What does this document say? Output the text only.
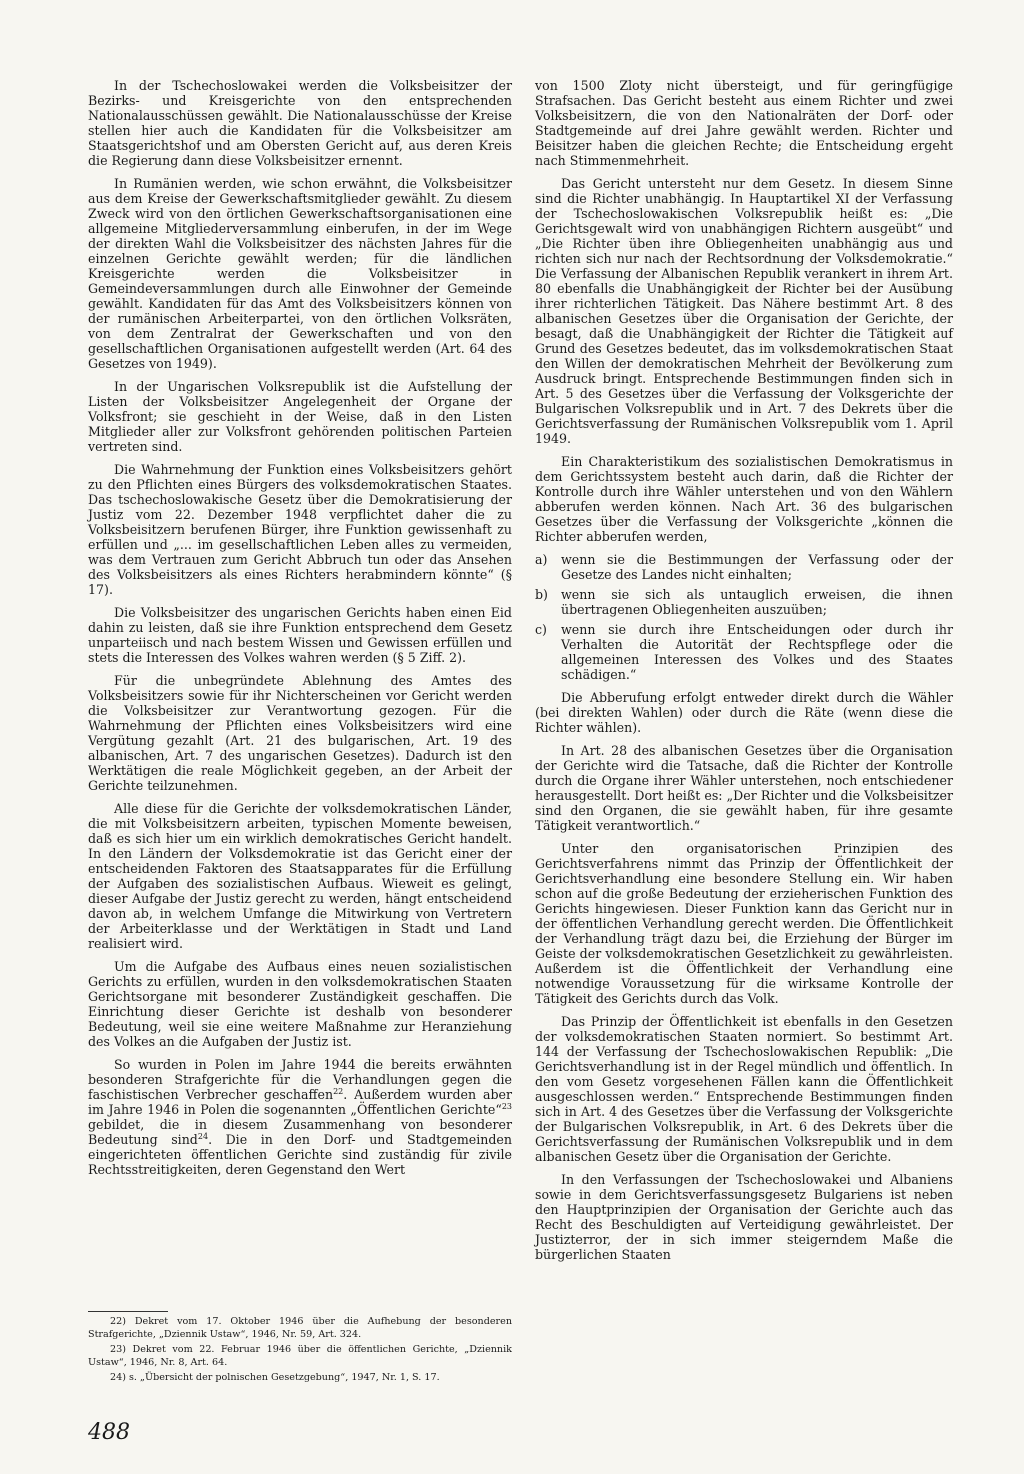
In der Tschechoslowakei werden die Volksbeisitzer der Bezirks- und Kreisgerichte von den entsprechenden Nationalausschüssen gewählt. Die Nationalausschüsse der Kreise stellen hier auch die Kandidaten für die Volksbeisitzer am Staatsgerichtshof und am Obersten Gericht auf, aus deren Kreis die Regierung dann diese Volksbeisitzer ernennt.

In Rumänien werden, wie schon erwähnt, die Volksbeisitzer aus dem Kreise der Gewerkschaftsmitglieder gewählt. Zu diesem Zweck wird von den örtlichen Gewerkschaftsorganisationen eine allgemeine Mitgliederversammlung einberufen, in der im Wege der direkten Wahl die Volksbeisitzer des nächsten Jahres für die einzelnen Gerichte gewählt werden; für die ländlichen Kreisgerichte werden die Volksbeisitzer in Gemeindeversammlungen durch alle Einwohner der Gemeinde gewählt. Kandidaten für das Amt des Volksbeisitzers können von der rumänischen Arbeiterpartei, von den örtlichen Volksräten, von dem Zentralrat der Gewerkschaften und von den gesellschaftlichen Organisationen aufgestellt werden (Art. 64 des Gesetzes von 1949).

In der Ungarischen Volksrepublik ist die Aufstellung der Listen der Volksbeisitzer Angelegenheit der Organe der Volksfront; sie geschieht in der Weise, daß in den Listen Mitglieder aller zur Volksfront gehörenden politischen Parteien vertreten sind.

Die Wahrnehmung der Funktion eines Volksbeisitzers gehört zu den Pflichten eines Bürgers des volksdemokratischen Staates. Das tschechoslowakische Gesetz über die Demokratisierung der Justiz vom 22. Dezember 1948 verpflichtet daher die zu Volksbeisitzern berufenen Bürger, ihre Funktion gewissenhaft zu erfüllen und „... im gesellschaftlichen Leben alles zu vermeiden, was dem Vertrauen zum Gericht Abbruch tun oder das Ansehen des Volksbeisitzers als eines Richters herabmindern könnte“ (§ 17).

Die Volksbeisitzer des ungarischen Gerichts haben einen Eid dahin zu leisten, daß sie ihre Funktion entsprechend dem Gesetz unparteiisch und nach bestem Wissen und Gewissen erfüllen und stets die Interessen des Volkes wahren werden (§ 5 Ziff. 2).

Für die unbegründete Ablehnung des Amtes des Volksbeisitzers sowie für ihr Nichterscheinen vor Gericht werden die Volksbeisitzer zur Verantwortung gezogen. Für die Wahrnehmung der Pflichten eines Volksbeisitzers wird eine Vergütung gezahlt (Art. 21 des bulgarischen, Art. 19 des albanischen, Art. 7 des ungarischen Gesetzes). Dadurch ist den Werktätigen die reale Möglichkeit gegeben, an der Arbeit der Gerichte teilzunehmen.

Alle diese für die Gerichte der volksdemokratischen Länder, die mit Volksbeisitzern arbeiten, typischen Momente beweisen, daß es sich hier um ein wirklich demokratisches Gericht handelt. In den Ländern der Volksdemokratie ist das Gericht einer der entscheidenden Faktoren des Staatsapparates für die Erfüllung der Aufgaben des sozialistischen Aufbaus. Wieweit es gelingt, dieser Aufgabe der Justiz gerecht zu werden, hängt entscheidend davon ab, in welchem Umfange die Mitwirkung von Vertretern der Arbeiterklasse und der Werktätigen in Stadt und Land realisiert wird.

Um die Aufgabe des Aufbaus eines neuen sozialistischen Gerichts zu erfüllen, wurden in den volksdemokratischen Staaten Gerichtsorgane mit besonderer Zuständigkeit geschaffen. Die Einrichtung dieser Gerichte ist deshalb von besonderer Bedeutung, weil sie eine weitere Maßnahme zur Heranziehung des Volkes an die Aufgaben der Justiz ist.

So wurden in Polen im Jahre 1944 die bereits erwähnten besonderen Strafgerichte für die Verhandlungen gegen die faschistischen Verbrecher geschaffen$^{22}$. Außerdem wurden aber im Jahre 1946 in Polen die sogenannten „Öffentlichen Gerichte“$^{23}$ gebildet, die in diesem Zusammenhang von besonderer Bedeutung sind$^{24}$. Die in den Dorf- und Stadtgemeinden eingerichteten öffentlichen Gerichte sind zuständig für zivile Rechtsstreitigkeiten, deren Gegenstand den Wert

von 1500 Zloty nicht übersteigt, und für geringfügige Strafsachen. Das Gericht besteht aus einem Richter und zwei Volksbeisitzern, die von den Nationalräten der Dorf- oder Stadtgemeinde auf drei Jahre gewählt werden. Richter und Beisitzer haben die gleichen Rechte; die Entscheidung ergeht nach Stimmenmehrheit.

Das Gericht untersteht nur dem Gesetz. In diesem Sinne sind die Richter unabhängig. In Hauptartikel XI der Verfassung der Tschechoslowakischen Volksrepublik heißt es: „Die Gerichtsgewalt wird von unabhängigen Richtern ausgeübt“ und „Die Richter üben ihre Obliegenheiten unabhängig aus und richten sich nur nach der Rechtsordnung der Volksdemokratie.“ Die Verfassung der Albanischen Republik verankert in ihrem Art. 80 ebenfalls die Unabhängigkeit der Richter bei der Ausübung ihrer richterlichen Tätigkeit. Das Nähere bestimmt Art. 8 des albanischen Gesetzes über die Organisation der Gerichte, der besagt, daß die Unabhängigkeit der Richter die Tätigkeit auf Grund des Gesetzes bedeutet, das im volksdemokratischen Staat den Willen der demokratischen Mehrheit der Bevölkerung zum Ausdruck bringt. Entsprechende Bestimmungen finden sich in Art. 5 des Gesetzes über die Verfassung der Volksgerichte der Bulgarischen Volksrepublik und in Art. 7 des Dekrets über die Gerichtsverfassung der Rumänischen Volksrepublik vom 1. April 1949.

Ein Charakteristikum des sozialistischen Demokratismus in dem Gerichtssystem besteht auch darin, daß die Richter der Kontrolle durch ihre Wähler unterstehen und von den Wählern abberufen werden können. Nach Art. 36 des bulgarischen Gesetzes über die Verfassung der Volksgerichte „können die Richter abberufen werden,

a) wenn sie die Bestimmungen der Verfassung oder der Gesetze des Landes nicht einhalten;
b) wenn sie sich als untauglich erweisen, die ihnen übertragenen Obliegenheiten auszuüben;
c) wenn sie durch ihre Entscheidungen oder durch ihr Verhalten die Autorität der Rechtspflege oder die allgemeinen Interessen des Volkes und des Staates schädigen.“

Die Abberufung erfolgt entweder direkt durch die Wähler (bei direkten Wahlen) oder durch die Räte (wenn diese die Richter wählen).

In Art. 28 des albanischen Gesetzes über die Organisation der Gerichte wird die Tatsache, daß die Richter der Kontrolle durch die Organe ihrer Wähler unterstehen, noch entschiedener herausgestellt. Dort heißt es: „Der Richter und die Volksbeisitzer sind den Organen, die sie gewählt haben, für ihre gesamte Tätigkeit verantwortlich.“

Unter den organisatorischen Prinzipien des Gerichtsverfahrens nimmt das Prinzip der Öffentlichkeit der Gerichtsverhandlung eine besondere Stellung ein. Wir haben schon auf die große Bedeutung der erzieherischen Funktion des Gerichts hingewiesen. Dieser Funktion kann das Gericht nur in der öffentlichen Verhandlung gerecht werden. Die Öffentlichkeit der Verhandlung trägt dazu bei, die Erziehung der Bürger im Geiste der volksdemokratischen Gesetzlichkeit zu gewährleisten. Außerdem ist die Öffentlichkeit der Verhandlung eine notwendige Voraussetzung für die wirksame Kontrolle der Tätigkeit des Gerichts durch das Volk.

Das Prinzip der Öffentlichkeit ist ebenfalls in den Gesetzen der volksdemokratischen Staaten normiert. So bestimmt Art. 144 der Verfassung der Tschechoslowakischen Republik: „Die Gerichtsverhandlung ist in der Regel mündlich und öffentlich. In den vom Gesetz vorgesehenen Fällen kann die Öffentlichkeit ausgeschlossen werden.“ Entsprechende Bestimmungen finden sich in Art. 4 des Gesetzes über die Verfassung der Volksgerichte der Bulgarischen Volksrepublik, in Art. 6 des Dekrets über die Gerichtsverfassung der Rumänischen Volksrepublik und in dem albanischen Gesetz über die Organisation der Gerichte.

In den Verfassungen der Tschechoslowakei und Albaniens sowie in dem Gerichtsverfassungsgesetz Bulgariens ist neben den Hauptprinzipien der Organisation der Gerichte auch das Recht des Beschuldigten auf Verteidigung gewährleistet. Der Justizterror, der in sich immer steigerndem Maße die bürgerlichen Staaten

22) Dekret vom 17. Oktober 1946 über die Aufhebung der besonderen Strafgerichte, „Dziennik Ustaw“, 1946, Nr. 59, Art. 324.

23) Dekret vom 22. Februar 1946 über die öffentlichen Gerichte, „Dziennik Ustaw“, 1946, Nr. 8, Art. 64.

24) s. „Übersicht der polnischen Gesetzgebung“, 1947, Nr. 1, S. 17.

488
